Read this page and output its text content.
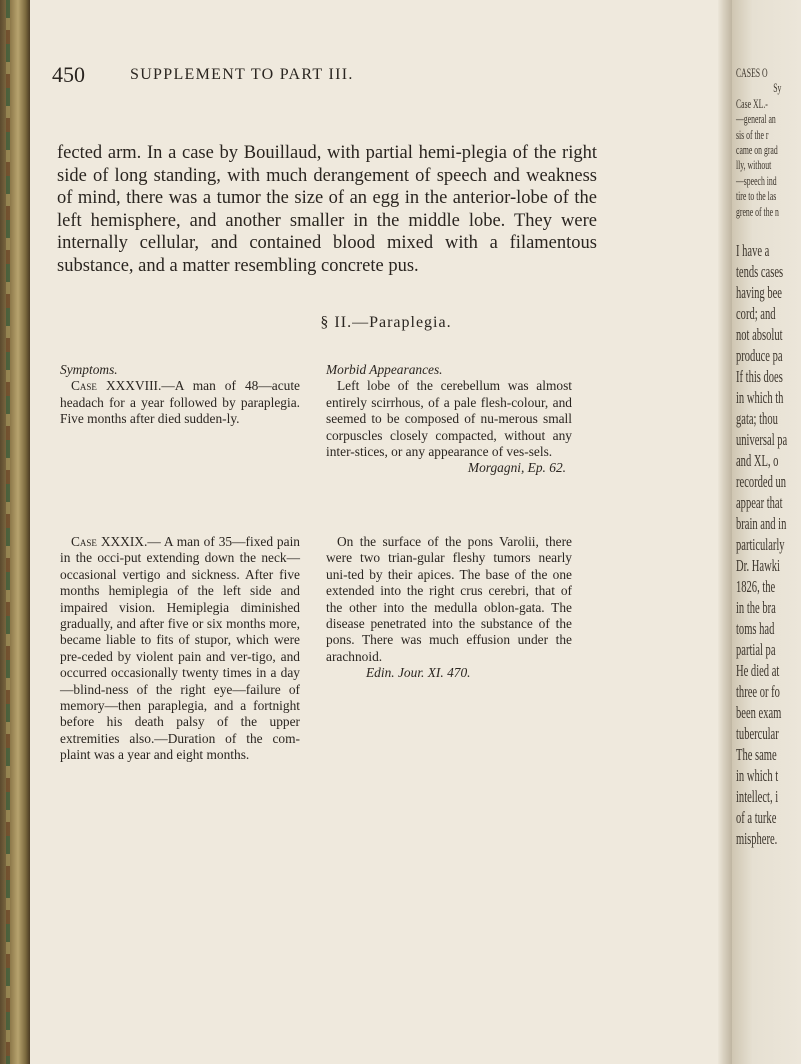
450	SUPPLEMENT TO PART III.

fected arm. In a case by Bouillaud, with partial hemi-plegia of the right side of long standing, with much derangement of speech and weakness of mind, there was a tumor the size of an egg in the anterior-lobe of the left hemisphere, and another smaller in the middle lobe. They were internally cellular, and contained blood mixed with a filamentous substance, and a matter resembling concrete pus.

§ II.—Paraplegia.

Symptoms.

Case XXXVIII.—A man of 48—acute headach for a year followed by paraplegia. Five months after died sudden-ly.

Case XXXIX.— A man of 35—fixed pain in the occi-put extending down the neck—occasional vertigo and sickness. After five months hemiplegia of the left side and impaired vision. Hemiplegia diminished gradually, and after five or six months more, became liable to fits of stupor, which were pre-ceded by violent pain and ver-tigo, and occurred occasionally twenty times in a day—blind-ness of the right eye—failure of memory—then paraplegia, and a fortnight before his death palsy of the upper extremities also.—Duration of the com-plaint was a year and eight months.

Morbid Appearances.

Left lobe of the cerebellum was almost entirely scirrhous, of a pale flesh-colour, and seemed to be composed of nu-merous small corpuscles closely compacted, without any inter-stices, or any appearance of ves-sels.

Morgagni, Ep. 62.

On the surface of the pons Varolii, there were two trian-gular fleshy tumors nearly uni-ted by their apices. The base of the one extended into the right crus cerebri, that of the other into the medulla oblon-gata. The disease penetrated into the substance of the pons. There was much effusion under the arachnoid.

Edin. Jour. XI. 470.

CASES O
Sy
Case XL.-
—general an
sis of the r
came on grad
lly, without
—speech ind
tire to the las
grene of the n
I have a
tends cases
having bee
cord; and
not absolut
produce pa
If this does
in which th
gata; thou
universal pa
and XL, o
recorded un
appear that
brain and in
particularly
Dr. Hawki
1826, the
in the bra
toms had
partial pa
He died at
three or fo
been exam
tubercular
The same
in which t
intellect, i
of a turke
misphere.
